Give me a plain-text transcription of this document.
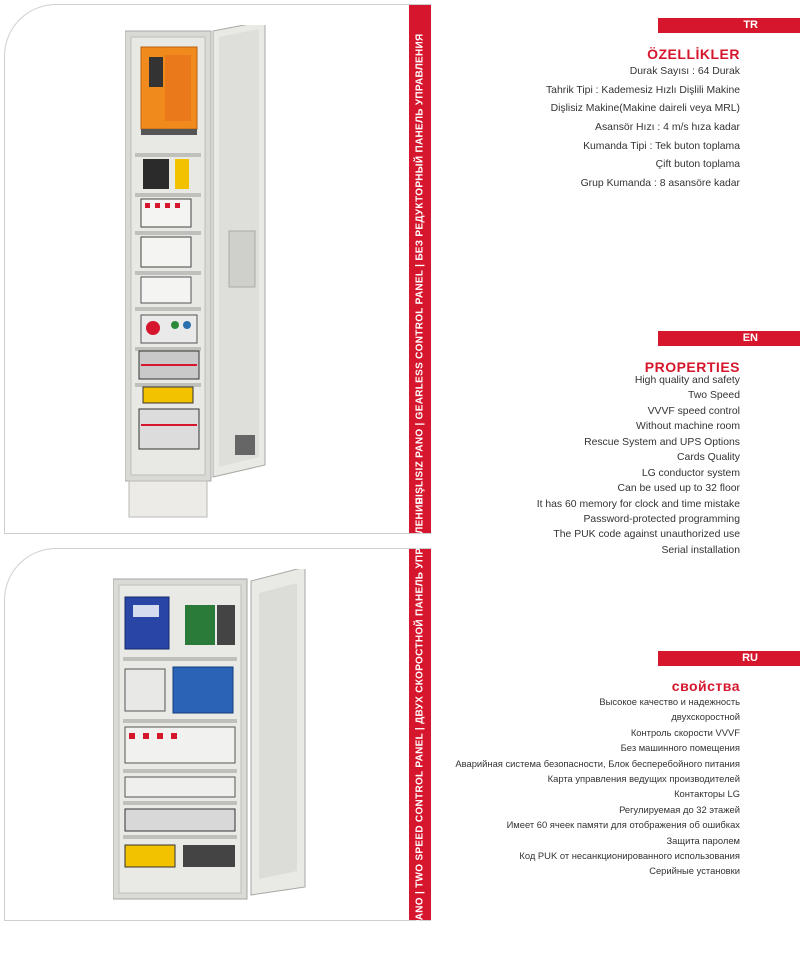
DIŞLISIZ PANO | GEARLESS CONTROL PANEL | БЕЗ РЕДУКТОРНЫЙ ПАНЕЛЬ УПРАВЛЕНИЯ
ÇIFT HIZ PANO | TWO SPEED CONTROL PANEL | ДВУХ СКОРОСТНОЙ ПАНЕЛЬ УПРАВЛЕНИЯ
TR
ÖZELLİKLER
Durak Sayısı : 64 Durak
Tahrik Tipi : Kademesiz Hızlı Dişlili Makine
Dişlisiz Makine(Makine daireli veya MRL)
Asansör Hızı : 4 m/s hıza kadar
Kumanda Tipi : Tek buton toplama
Çift buton toplama
Grup Kumanda : 8 asansöre kadar
EN
PROPERTIES
High quality and safety
Two Speed
VVVF speed control
Without machine room
Rescue System and UPS Options
Cards Quality
LG conductor system
Can be used up to 32 floor
It has 60 memory for clock and time mistake
Password-protected programming
The PUK code against unauthorized use
Serial installation
RU
свойства
Высокое качество и надежность
двухскоростной
Контроль скорости VVVF
Без машинного помещения
Аварийная система безопасности, Блок бесперебойного питания
Карта управления ведущих производителей
Контакторы LG
Регулируемая до 32 этажей
Имеет 60 ячеек памяти для отображения об ошибках
Защита паролем
Код PUK от несанкционированного использования
Серийные установки
